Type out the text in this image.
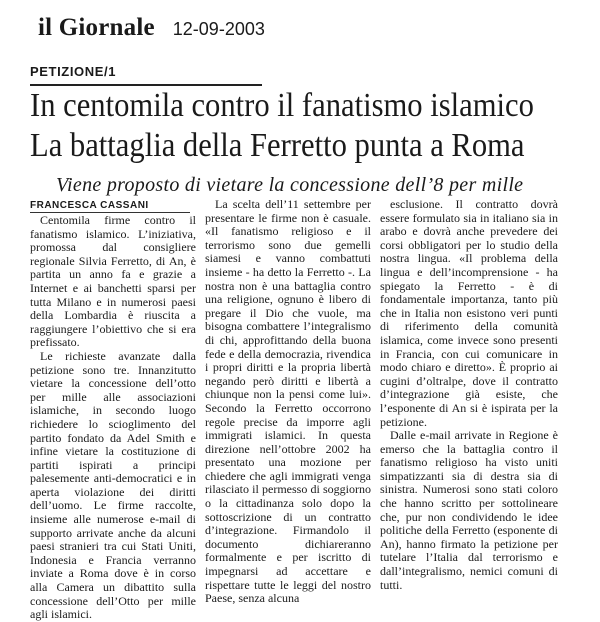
il Giornale 12-09-2003
PETIZIONE/1
In centomila contro il fanatismo islamico
La battaglia della Ferretto punta a Roma
Viene proposto di vietare la concessione dell’8 per mille
FRANCESCA CASSANI

Centomila firme contro il fanatismo islamico. L’iniziativa, promossa dal consigliere regionale Silvia Ferretto, di An, è partita un anno fa e grazie a Internet e ai banchetti sparsi per tutta Milano e in numerosi paesi della Lombardia è riuscita a raggiungere l’obiettivo che si era prefissato.

Le richieste avanzate dalla petizione sono tre. Innanzitutto vietare la concessione dell’otto per mille alle associazioni islamiche, in secondo luogo richiedere lo scioglimento del partito fondato da Adel Smith e infine vietare la costituzione di partiti ispirati a principi palesemente anti-democratici e in aperta violazione dei diritti dell’uomo. Le firme raccolte, insieme alle numerose e-mail di supporto arrivate anche da alcuni paesi stranieri tra cui Stati Uniti, Indonesia e Francia verranno inviate a Roma dove è in corso alla Camera un dibattito sulla concessione dell’Otto per mille agli islamici.

La scelta dell’11 settembre per presentare le firme non è casuale. «Il fanatismo religioso e il terrorismo sono due gemelli siamesi e vanno combattuti insieme - ha detto la Ferretto -. La nostra non è una battaglia contro una religione, ognuno è libero di pregare il Dio che vuole, ma bisogna combattere l’integralismo di chi, approfittando della buona fede e della democrazia, rivendica i propri diritti e la propria libertà negando però diritti e libertà a chiunque non la pensi come lui». Secondo la Ferretto occorrono regole precise da imporre agli immigrati islamici. In questa direzione nell’ottobre 2002 ha presentato una mozione per chiedere che agli immigrati venga rilasciato il permesso di soggiorno o la cittadinanza solo dopo la sottoscrizione di un contratto d’integrazione. Firmandolo il documento dichiareranno formalmente e per iscritto di impegnarsi ad accettare e rispettare tutte le leggi del nostro Paese, senza alcuna

esclusione. Il contratto dovrà essere formulato sia in italiano sia in arabo e dovrà anche prevedere dei corsi obbligatori per lo studio della nostra lingua. «Il problema della lingua e dell’incomprensione - ha spiegato la Ferretto - è di fondamentale importanza, tanto più che in Italia non esistono veri punti di riferimento della comunità islamica, come invece sono presenti in Francia, con cui comunicare in modo chiaro e diretto». È proprio ai cugini d’oltralpe, dove il contratto d’integrazione già esiste, che l’esponente di An si è ispirata per la petizione.

Dalle e-mail arrivate in Regione è emerso che la battaglia contro il fanatismo religioso ha visto uniti simpatizzanti sia di destra sia di sinistra. Numerosi sono stati coloro che hanno scritto per sottolineare che, pur non condividendo le idee politiche della Ferretto (esponente di An), hanno firmato la petizione per tutelare l’Italia dal terrorismo e dall’integralismo, nemici comuni di tutti.
